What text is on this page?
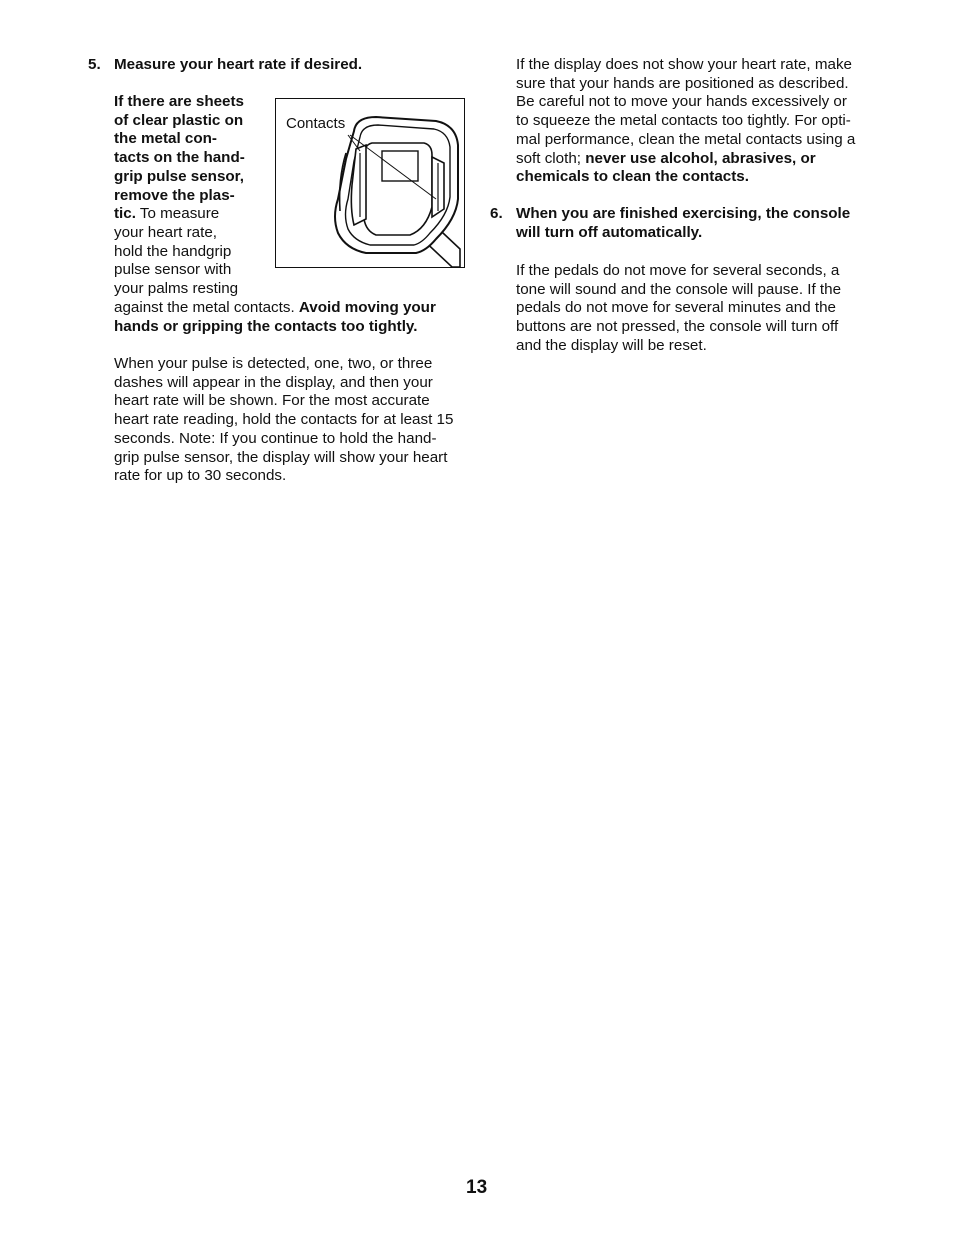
5. Measure your heart rate if desired.
If there are sheets
of clear plastic on
the metal con-
tacts on the hand-
grip pulse sensor,
remove the plas-
tic. To measure
your heart rate,
hold the handgrip
pulse sensor with
your palms resting
against the metal contacts. Avoid moving your
hands or gripping the contacts too tightly.
When your pulse is detected, one, two, or three
dashes will appear in the display, and then your
heart rate will be shown. For the most accurate
heart rate reading, hold the contacts for at least 15
seconds. Note: If you continue to hold the hand-
grip pulse sensor, the display will show your heart
rate for up to 30 seconds.
Contacts
If the display does not show your heart rate, make
sure that your hands are positioned as described.
Be careful not to move your hands excessively or
to squeeze the metal contacts too tightly. For opti-
mal performance, clean the metal contacts using a
soft cloth; never use alcohol, abrasives, or
chemicals to clean the contacts.
6. When you are finished exercising, the console
will turn off automatically.
If the pedals do not move for several seconds, a
tone will sound and the console will pause. If the
pedals do not move for several minutes and the
buttons are not pressed, the console will turn off
and the display will be reset.
13
